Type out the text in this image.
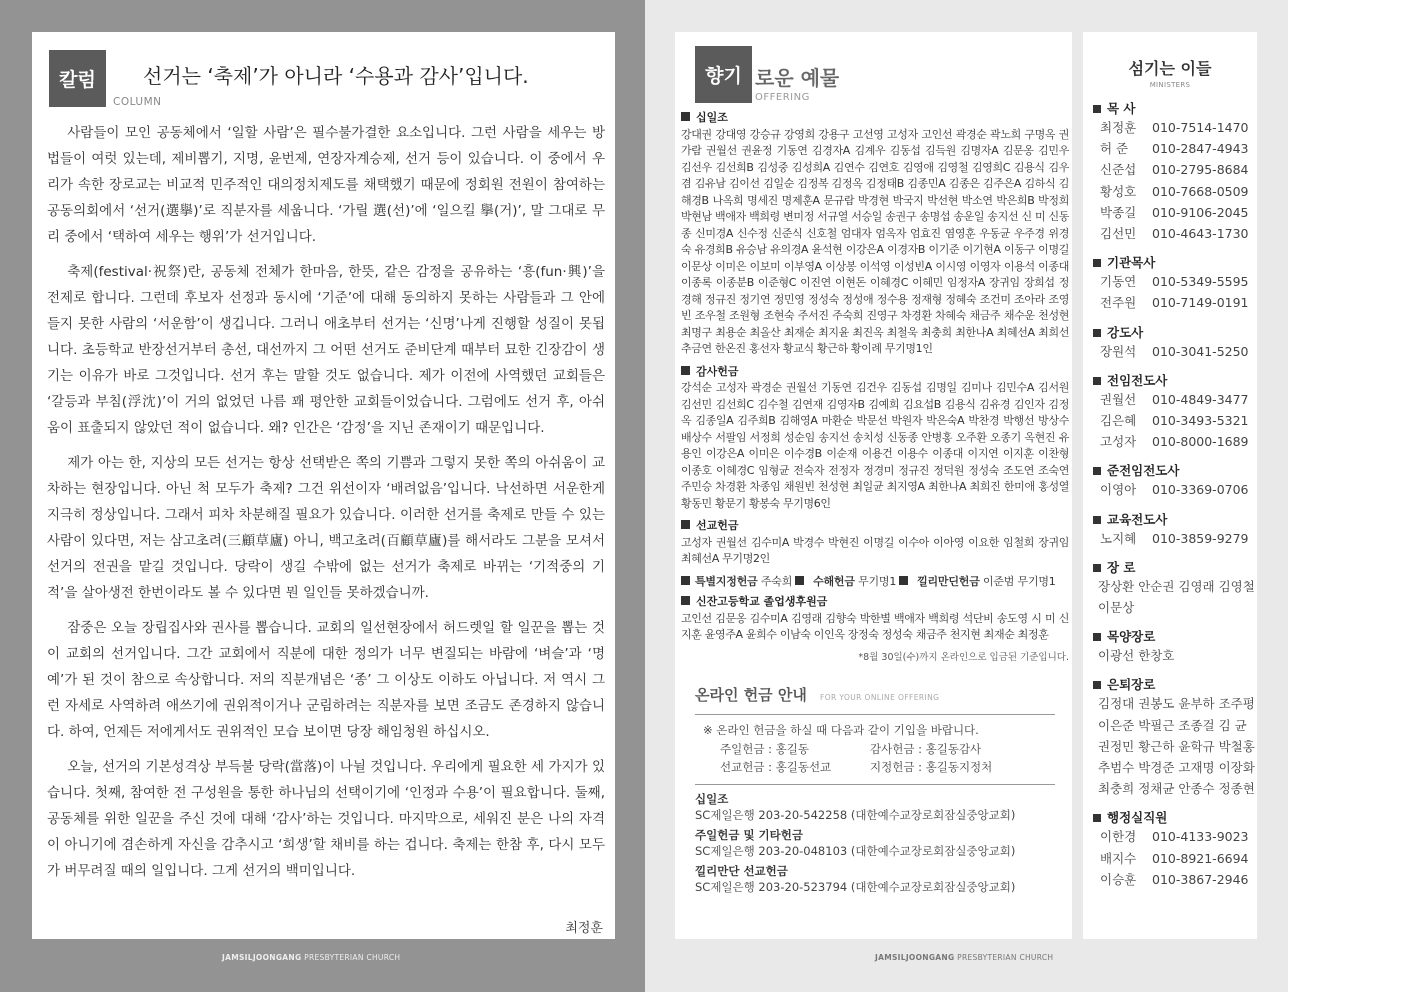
칼럼	선거는 ‘축제’가 아니라 ‘수용과 감사’입니다.
COLUMN

사람들이 모인 공동체에서 ‘일할 사람’은 필수불가결한 요소입니다. 그런 사람을 세우는 방법들이 여럿 있는데, 제비뽑기, 지명, 윤번제, 연장자계승제, 선거 등이 있습니다. 이 중에서 우리가 속한 장로교는 비교적 민주적인 대의정치제도를 채택했기 때문에 정회원 전원이 참여하는 공동의회에서 ‘선거(選擧)’로 직분자를 세웁니다. ‘가릴 選(선)’에 ‘일으킬 擧(거)’, 말 그대로 무리 중에서 ‘택하여 세우는 행위’가 선거입니다.

축제(festival·祝祭)란, 공동체 전체가 한마음, 한뜻, 같은 감정을 공유하는 ‘흥(fun·興)’을 전제로 합니다. 그런데 후보자 선정과 동시에 ‘기준’에 대해 동의하지 못하는 사람들과 그 안에 들지 못한 사람의 ‘서운함’이 생깁니다. 그러니 애초부터 선거는 ‘신명’나게 진행할 성질이 못됩니다. 초등학교 반장선거부터 총선, 대선까지 그 어떤 선거도 준비단계 때부터 묘한 긴장감이 생기는 이유가 바로 그것입니다. 선거 후는 말할 것도 없습니다. 제가 이전에 사역했던 교회들은 ‘갈등과 부침(浮沈)’이 거의 없었던 나름 꽤 평안한 교회들이었습니다. 그럼에도 선거 후, 아쉬움이 표출되지 않았던 적이 없습니다. 왜? 인간은 ‘감정’을 지닌 존재이기 때문입니다.

제가 아는 한, 지상의 모든 선거는 항상 선택받은 쪽의 기쁨과 그렇지 못한 쪽의 아쉬움이 교차하는 현장입니다. 아닌 척 모두가 축제? 그건 위선이자 ‘배려없음’입니다. 낙선하면 서운한게 지극히 정상입니다. 그래서 피차 차분해질 필요가 있습니다. 이러한 선거를 축제로 만들 수 있는 사람이 있다면, 저는 삼고초려(三顧草廬) 아니, 백고초려(百顧草廬)를 해서라도 그분을 모셔서 선거의 전권을 맡길 것입니다. 당락이 생길 수밖에 없는 선거가 축제로 바뀌는 ‘기적중의 기적’을 살아생전 한번이라도 볼 수 있다면 뭔 일인들 못하겠습니까.

잠중은 오늘 장립집사와 권사를 뽑습니다. 교회의 일선현장에서 허드렛일 할 일꾼을 뽑는 것이 교회의 선거입니다. 그간 교회에서 직분에 대한 정의가 너무 변질되는 바람에 ‘벼슬’과 ‘명예’가 된 것이 참으로 속상합니다. 저의 직분개념은 ‘종’ 그 이상도 이하도 아닙니다. 저 역시 그런 자세로 사역하려 애쓰기에 권위적이거나 군림하려는 직분자를 보면 조금도 존경하지 않습니다. 하여, 언제든 저에게서도 권위적인 모습 보이면 당장 해임청원 하십시오.

오늘, 선거의 기본성격상 부득불 당락(當落)이 나뉠 것입니다. 우리에게 필요한 세 가지가 있습니다. 첫째, 참여한 전 구성원을 통한 하나님의 선택이기에 ‘인정과 수용’이 필요합니다. 둘째, 공동체를 위한 일꾼을 주신 것에 대해 ‘감사’하는 것입니다. 마지막으로, 세워진 분은 나의 자격이 아니기에 겸손하게 자신을 감추시고 ‘희생’할 채비를 하는 겁니다. 축제는 한참 후, 다시 모두가 버무려질 때의 일입니다. 그게 선거의 백미입니다.

최정훈
향기 로운 예물
OFFERING
십일조
강대권 강대영 강승규 강영희 강용구 고선영 고성자 고인선 곽경순 곽노희 구명옥 권가람 권월선 권윤정 기동연 김경자A 김계우 김동섭 김득원 김명자A 김문옹 김민우 김선우 김선희B 김성중 김성희A 김연수 김연호 김영애 김영철 김영희C 김용식 김우겸 김유남 김이선 김일순 김정복 김정옥 김정태B 김종민A 김종은 김주은A 김하식 김해경B 나옥희 명세진 명제훈A 문규람 박경현 박국지 박선현 박소연 박은희B 박정희 박현남 백애자 백희령 변미정 서규열 서승일 송권구 송명섭 송운일 송지선 신 미 신동종 신미경A 신수정 신준식 신호철 엄대자 엄옥자 엄효진 염영훈 우동균 우주경 위경숙 유경희B 유승남 유의경A 윤석현 이강은A 이경자B 이기준 이기현A 이동구 이명길 이문상 이미은 이보미 이부영A 이상봉 이석영 이성빈A 이시영 이영자 이용석 이종대 이종록 이종분B 이준형C 이진연 이현돈 이혜경C 이혜민 임정자A 장귀임 장희섭 정경해 정규진 정기연 정민영 정성숙 정성애 정수용 정재형 정혜숙 조건미 조아라 조영빈 조우철 조원형 조현숙 주서진 주숙희 진영구 차경환 차혜숙 채금주 채수운 천성현 최명구 최용순 최올산 최재순 최지윤 최진옥 최철욱 최충희 최한나A 최혜선A 최희선 추금연 한온진 홍선자 황교식 황근하 황이례 무기명1인
감사헌금
강석순 고성자 곽경순 권월선 기동연 김건우 김동섭 김명일 김미나 김민수A 김서원 김선민 김선희C 김수철 김연재 김영자B 김예희 김요섭B 김용식 김유경 김인자 김정옥 김종일A 김주희B 김해영A 마환순 박문선 박원자 박은숙A 박찬경 박행선 방상수 배상수 서팔임 서정희 성순임 송지선 송치성 신동종 안병홍 오주환 오종기 옥현진 유용인 이강은A 이미은 이수경B 이순재 이용건 이용수 이종대 이지연 이지훈 이찬형 이종호 이혜경C 임형균 전숙자 전정자 정경미 정규진 정덕원 정성숙 조도연 조숙연 주민승 차경환 차종임 채원빈 천성현 최일균 최지영A 최한나A 최희진 한미애 홍성열 황동민 황문기 황봉숙 무기명6인
선교헌금
고성자 권월선 김수미A 박경수 박현진 이명길 이수아 이아영 이요한 임철희 장귀임 최혜선A 무기명2인
특별지정헌금 주숙희  수해헌금 무기명1  낄리만딘헌금 이준범 무기명1
신잔고등학교 졸업생후원금
고인선 김문옹 김수미A 김영래 김향숙 박한별 백애자 백희령 석단비 송도영 시 미 신지훈 윤영주A 윤희수 이남숙 이인옥 장정숙 정성숙 채금주 천지현 최재순 최정훈
*8월 30일(수)까지 온라인으로 입금된 기준입니다.
온라인 헌금 안내 FOR YOUR ONLINE OFFERING
※ 온라인 헌금을 하실 때 다음과 같이 기입을 바랍니다.
주일헌금 : 홍길동	감사헌금 : 홍길동감사
선교헌금 : 홍길동선교	지정헌금 : 홍길동지정처
십일조
SC제일은행 203-20-542258 (대한예수교장로회잠실중앙교회)
주일헌금 및 기타헌금
SC제일은행 203-20-048103 (대한예수교장로회잠실중앙교회)
낄리만단 선교헌금
SC제일은행 203-20-523794 (대한예수교장로회잠실중앙교회)
섬기는 이들
MINISTERS
목 사
최정훈 010-7514-1470
허 준 010-2847-4943
신준섭 010-2795-8684
황성호 010-7668-0509
박종길 010-9106-2045
김선민 010-4643-1730
기관목사
기동연 010-5349-5595
전주원 010-7149-0191
강도사
장원석 010-3041-5250
전임전도사
권월선 010-4849-3477
김은혜 010-3493-5321
고성자 010-8000-1689
준전임전도사
이영아 010-3369-0706
교육전도사
노지혜 010-3859-9279
장 로
장상환 안순권 김영래 김영철
이문상
목양장로
이광선 한창호
은퇴장로
김정대 권봉도 윤부하 조주평
이은준 박필근 조종걸 김 균
권정민 황근하 윤학규 박철홍
추범수 박경준 고재명 이장화
최충희 정채균 안종수 정종현
행정실직원
이한경 010-4133-9023
배지수 010-8921-6694
이승훈 010-3867-2946
JAMSILJOONGANG PRESBYTERIAN CHURCH	JAMSILJOONGANG PRESBYTERIAN CHURCH
